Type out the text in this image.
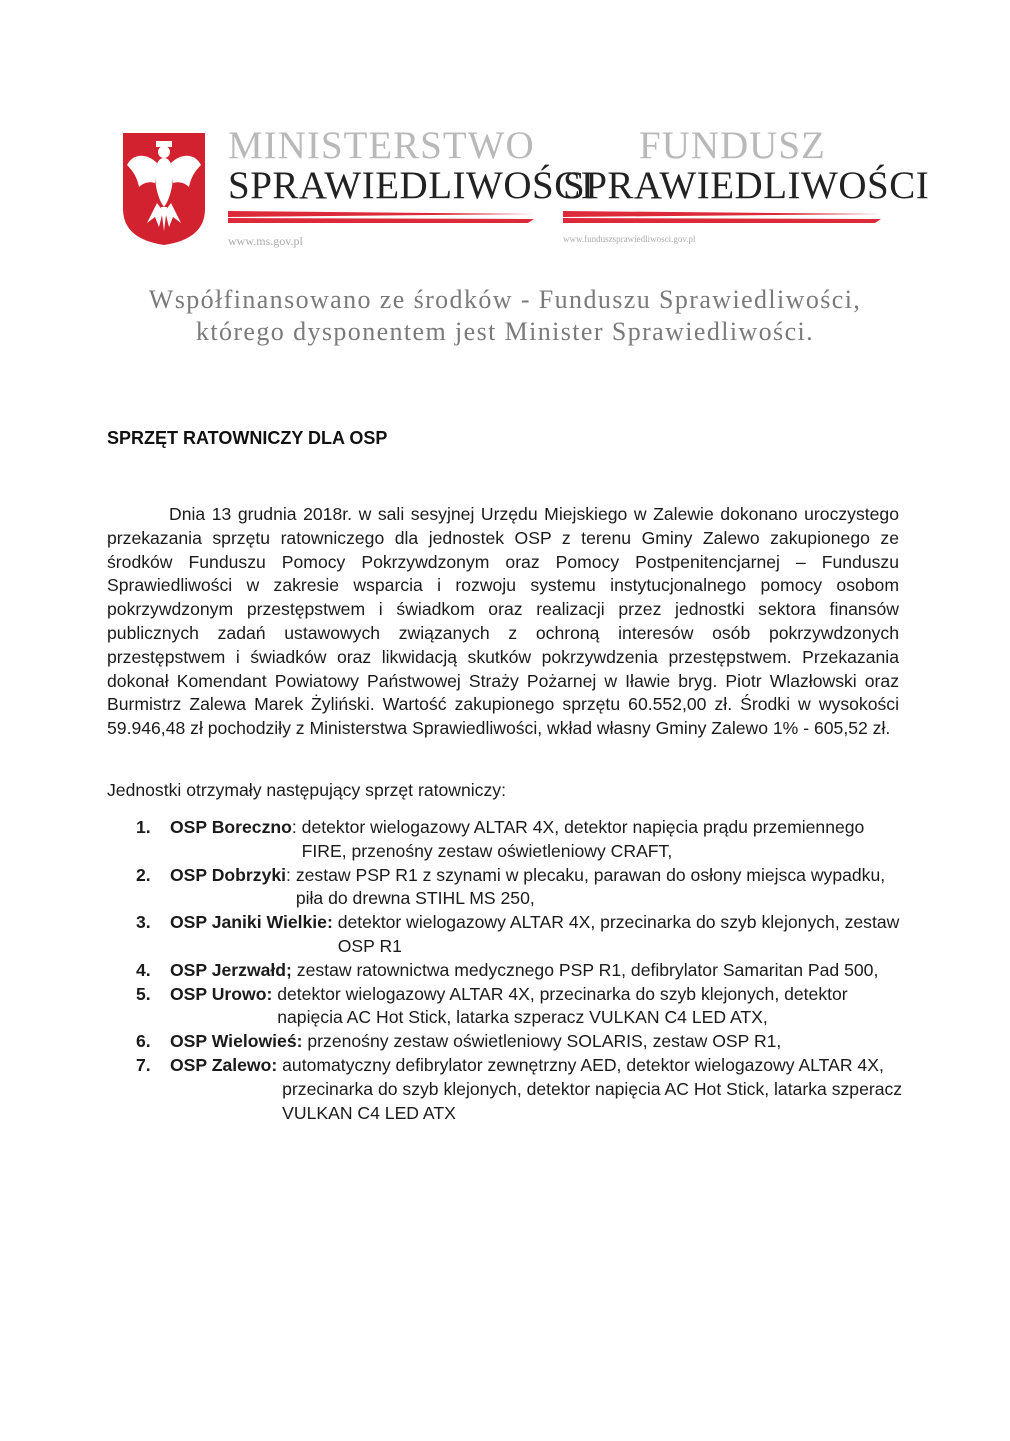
MINISTERSTWO
SPRAWIEDLIWOŚCI
www.ms.gov.pl
FUNDUSZ
SPRAWIEDLIWOŚCI
www.funduszsprawiedliwosci.gov.pl
Współfinansowano ze środków - Funduszu Sprawiedliwości,
którego dysponentem jest Minister Sprawiedliwości.
SPRZĘT RATOWNICZY DLA OSP
Dnia 13 grudnia 2018r. w sali sesyjnej Urzędu Miejskiego w Zalewie dokonano uroczystego przekazania sprzętu ratowniczego dla jednostek OSP z terenu Gminy Zalewo zakupionego ze środków Funduszu Pomocy Pokrzywdzonym oraz Pomocy Postpenitencjarnej – Funduszu Sprawiedliwości w zakresie wsparcia i rozwoju systemu instytucjonalnego pomocy osobom pokrzywdzonym przestępstwem i świadkom oraz realizacji przez jednostki sektora finansów publicznych zadań ustawowych związanych z ochroną interesów osób pokrzywdzonych przestępstwem i świadków oraz likwidacją skutków pokrzywdzenia przestępstwem. Przekazania dokonał Komendant Powiatowy Państwowej Straży Pożarnej w Iławie bryg. Piotr Wlazłowski oraz Burmistrz Zalewa Marek Żyliński. Wartość zakupionego sprzętu 60.552,00 zł. Środki w wysokości 59.946,48 zł pochodziły z Ministerstwa Sprawiedliwości, wkład własny Gminy Zalewo 1% - 605,52 zł.
Jednostki otrzymały następujący sprzęt ratowniczy:
1.	OSP Boreczno: detektor wielogazowy ALTAR 4X, detektor napięcia prądu przemiennego FIRE, przenośny zestaw oświetleniowy CRAFT,
2.	OSP Dobrzyki: zestaw PSP R1 z szynami w plecaku, parawan do osłony miejsca wypadku, piła do drewna STIHL MS 250,
3.	OSP Janiki Wielkie: detektor wielogazowy ALTAR 4X, przecinarka do szyb klejonych, zestaw OSP R1
4.	OSP Jerzwałd; zestaw ratownictwa medycznego PSP R1, defibrylator Samaritan Pad 500,
5.	OSP Urowo: detektor wielogazowy ALTAR 4X, przecinarka do szyb klejonych, detektor napięcia AC Hot Stick, latarka szperacz VULKAN C4 LED ATX,
6.	OSP Wielowieś: przenośny zestaw oświetleniowy SOLARIS, zestaw OSP R1,
7.	OSP Zalewo: automatyczny defibrylator zewnętrzny AED, detektor wielogazowy ALTAR 4X, przecinarka do szyb klejonych, detektor napięcia AC Hot Stick, latarka szperacz VULKAN C4 LED ATX
